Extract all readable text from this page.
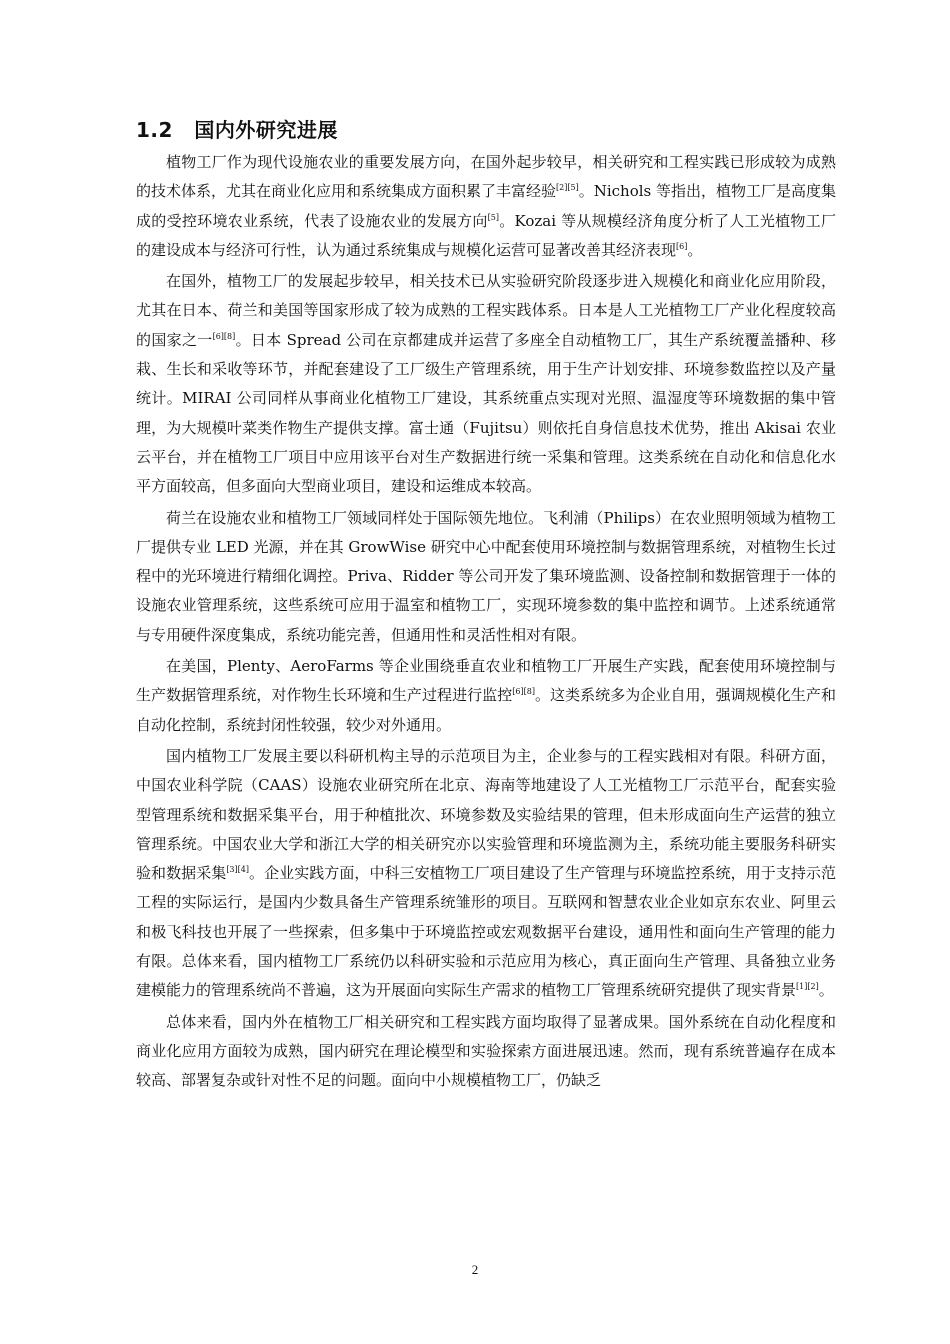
1.2 国内外研究进展

植物工厂作为现代设施农业的重要发展方向，在国外起步较早，相关研究和工程实践已形成较为成熟的技术体系，尤其在商业化应用和系统集成方面积累了丰富经验[2][5]。Nichols 等指出，植物工厂是高度集成的受控环境农业系统，代表了设施农业的发展方向[5]。Kozai 等从规模经济角度分析了人工光植物工厂的建设成本与经济可行性，认为通过系统集成与规模化运营可显著改善其经济表现[6]。

在国外，植物工厂的发展起步较早，相关技术已从实验研究阶段逐步进入规模化和商业化应用阶段，尤其在日本、荷兰和美国等国家形成了较为成熟的工程实践体系。日本是人工光植物工厂产业化程度较高的国家之一[6][8]。日本 Spread 公司在京都建成并运营了多座全自动植物工厂，其生产系统覆盖播种、移栽、生长和采收等环节，并配套建设了工厂级生产管理系统，用于生产计划安排、环境参数监控以及产量统计。MIRAI 公司同样从事商业化植物工厂建设，其系统重点实现对光照、温湿度等环境数据的集中管理，为大规模叶菜类作物生产提供支撑。富士通（Fujitsu）则依托自身信息技术优势，推出 Akisai 农业云平台，并在植物工厂项目中应用该平台对生产数据进行统一采集和管理。这类系统在自动化和信息化水平方面较高，但多面向大型商业项目，建设和运维成本较高。

荷兰在设施农业和植物工厂领域同样处于国际领先地位。飞利浦（Philips）在农业照明领域为植物工厂提供专业 LED 光源，并在其 GrowWise 研究中心中配套使用环境控制与数据管理系统，对植物生长过程中的光环境进行精细化调控。Priva、Ridder 等公司开发了集环境监测、设备控制和数据管理于一体的设施农业管理系统，这些系统可应用于温室和植物工厂，实现环境参数的集中监控和调节。上述系统通常与专用硬件深度集成，系统功能完善，但通用性和灵活性相对有限。

在美国，Plenty、AeroFarms 等企业围绕垂直农业和植物工厂开展生产实践，配套使用环境控制与生产数据管理系统，对作物生长环境和生产过程进行监控[6][8]。这类系统多为企业自用，强调规模化生产和自动化控制，系统封闭性较强，较少对外通用。

国内植物工厂发展主要以科研机构主导的示范项目为主，企业参与的工程实践相对有限。科研方面，中国农业科学院（CAAS）设施农业研究所在北京、海南等地建设了人工光植物工厂示范平台，配套实验型管理系统和数据采集平台，用于种植批次、环境参数及实验结果的管理，但未形成面向生产运营的独立管理系统。中国农业大学和浙江大学的相关研究亦以实验管理和环境监测为主，系统功能主要服务科研实验和数据采集[3][4]。企业实践方面，中科三安植物工厂项目建设了生产管理与环境监控系统，用于支持示范工程的实际运行，是国内少数具备生产管理系统雏形的项目。互联网和智慧农业企业如京东农业、阿里云和极飞科技也开展了一些探索，但多集中于环境监控或宏观数据平台建设，通用性和面向生产管理的能力有限。总体来看，国内植物工厂系统仍以科研实验和示范应用为核心，真正面向生产管理、具备独立业务建模能力的管理系统尚不普遍，这为开展面向实际生产需求的植物工厂管理系统研究提供了现实背景[1][2]。

总体来看，国内外在植物工厂相关研究和工程实践方面均取得了显著成果。国外系统在自动化程度和商业化应用方面较为成熟，国内研究在理论模型和实验探索方面进展迅速。然而，现有系统普遍存在成本较高、部署复杂或针对性不足的问题。面向中小规模植物工厂，仍缺乏

2
